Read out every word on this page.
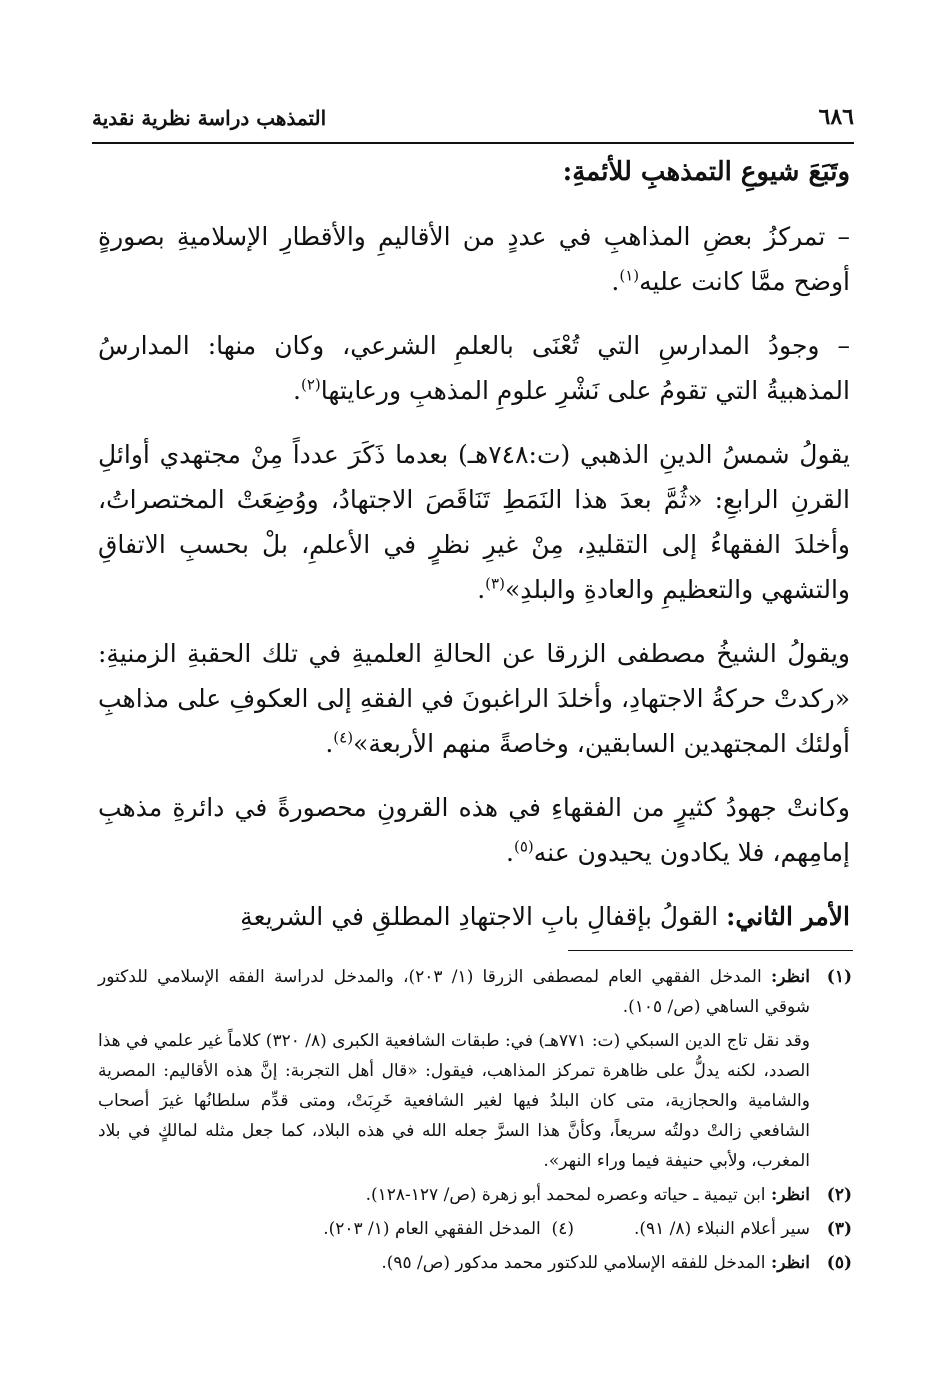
٦٨٦
التمذهب دراسة نظرية نقدية

وتَبَعَ شيوعِ التمذهبِ للأئمةِ:

– تمركزُ بعضِ المذاهبِ في عددٍ من الأقاليمِ والأقطارِ الإسلاميةِ بصورةٍ أوضح ممَّا كانت عليه$^{(١)}$.

– وجودُ المدارسِ التي تُعْنَى بالعلمِ الشرعي، وكان منها: المدارسُ المذهبيةُ التي تقومُ على نَشْرِ علومِ المذهبِ ورعايتها$^{(٢)}$.

يقولُ شمسُ الدينِ الذهبي (ت:٧٤٨هـ) بعدما ذَكَرَ عدداً مِنْ مجتهدي أوائلِ القرنِ الرابعِ: «ثُمَّ بعدَ هذا النَمَطِ تَنَاقَصَ الاجتهادُ، ووُضِعَتْ المختصراتُ، وأخلدَ الفقهاءُ إلى التقليدِ، مِنْ غيرِ نظرٍ في الأعلمِ، بلْ بحسبِ الاتفاقِ والتشهي والتعظيمِ والعادةِ والبلدِ»$^{(٣)}$.

ويقولُ الشيخُ مصطفى الزرقا عن الحالةِ العلميةِ في تلك الحقبةِ الزمنيةِ: «ركدتْ حركةُ الاجتهادِ، وأخلدَ الراغبونَ في الفقهِ إلى العكوفِ على مذاهبِ أولئك المجتهدين السابقين، وخاصةً منهم الأربعة»$^{(٤)}$.

وكانتْ جهودُ كثيرٍ من الفقهاءِ في هذه القرونِ محصورةً في دائرةِ مذهبِ إمامِهم، فلا يكادون يحيدون عنه$^{(٥)}$.

الأمر الثاني: القولُ بإقفالِ بابِ الاجتهادِ المطلقِ في الشريعةِ

(١)
انظر: المدخل الفقهي العام لمصطفى الزرقا (١/ ٢٠٣)، والمدخل لدراسة الفقه الإسلامي للدكتور شوقي الساهي (ص/ ١٠٥).
وقد نقل تاج الدين السبكي (ت: ٧٧١هـ) في: طبقات الشافعية الكبرى (٨/ ٣٢٠) كلاماً غير علمي في هذا الصدد، لكنه يدلُّ على ظاهرة تمركز المذاهب، فيقول: «قال أهل التجربة: إنَّ هذه الأقاليم: المصرية والشامية والحجازية، متى كان البلدُ فيها لغير الشافعية خَرِبَتْ، ومتى قدِّم سلطانُها غيرَ أصحاب الشافعي زالتْ دولتُه سريعاً، وكأنَّ هذا السرَّ جعله الله في هذه البلاد، كما جعل مثله لمالكٍ في بلاد المغرب، ولأبي حنيفة فيما وراء النهر».
(٢)
انظر: ابن تيمية ـ حياته وعصره لمحمد أبو زهرة (ص/ ١٢٧-١٢٨).
(٣)
سير أعلام النبلاء (٨/ ٩١).
(٤)  المدخل الفقهي العام (١/ ٢٠٣).
(٥)
انظر: المدخل للفقه الإسلامي للدكتور محمد مدكور (ص/ ٩٥).
